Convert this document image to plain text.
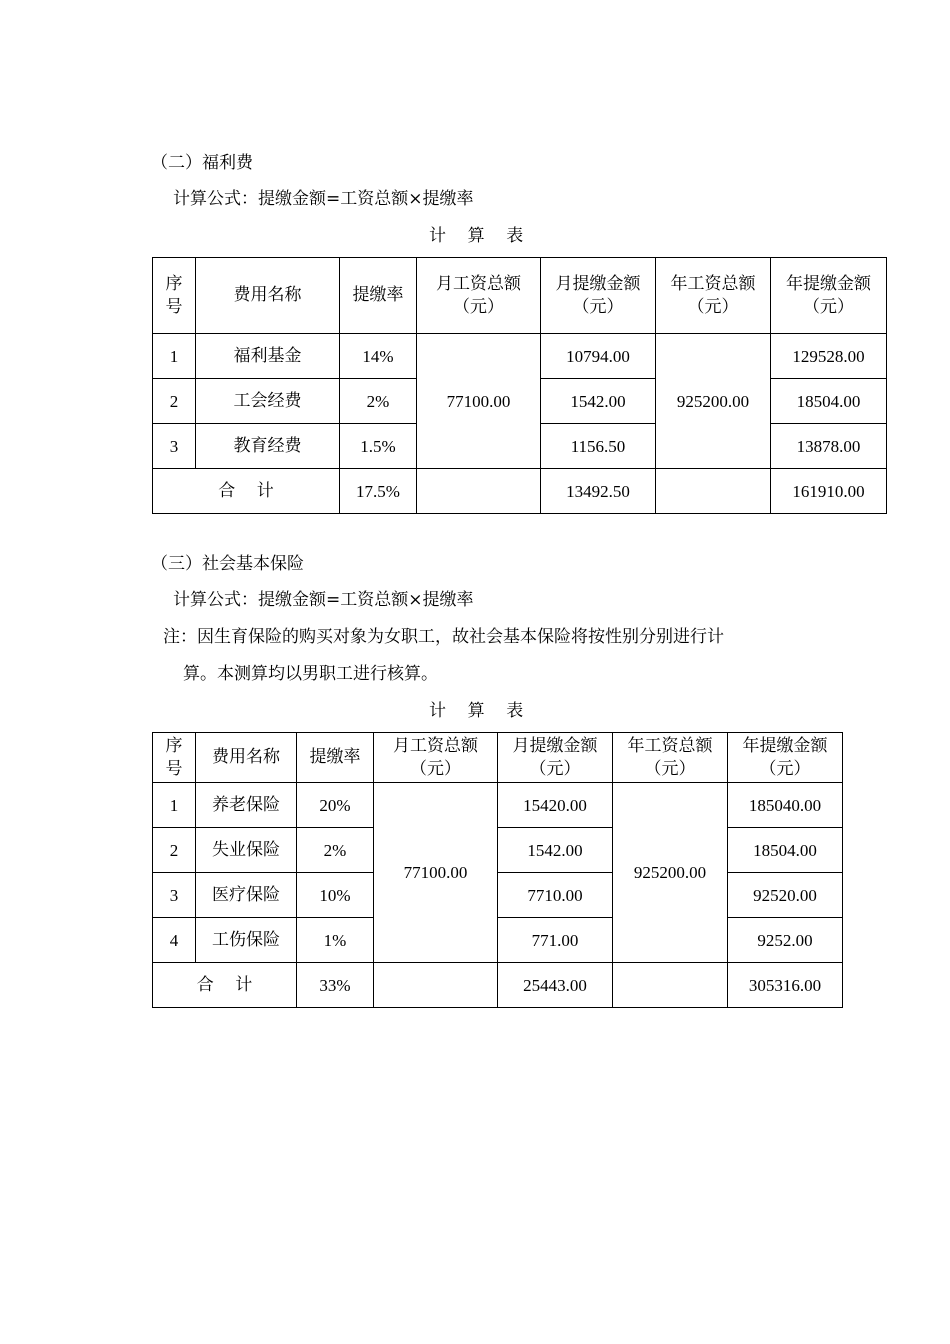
（二）福利费
计算公式：提缴金额=工资总额×提缴率
计    算    表
序号	费用名称	提缴率	月工资总额（元）	月提缴金额（元）	年工资总额（元）	年提缴金额（元）
1	福利基金	14%	77100.00	10794.00	925200.00	129528.00
2	工会经费	2%		1542.00		18504.00
3	教育经费	1.5%		1156.50		13878.00
合    计		17.5%		13492.50		161910.00
（三）社会基本保险
计算公式：提缴金额=工资总额×提缴率
注：因生育保险的购买对象为女职工，故社会基本保险将按性别分别进行计
算。本测算均以男职工进行核算。
计    算    表
序号	费用名称	提缴率	月工资总额（元）	月提缴金额（元）	年工资总额（元）	年提缴金额（元）
1	养老保险	20%	77100.00	15420.00	925200.00	185040.00
2	失业保险	2%		1542.00		18504.00
3	医疗保险	10%		7710.00		92520.00
4	工伤保险	1%		771.00		9252.00
合    计		33%		25443.00		305316.00
